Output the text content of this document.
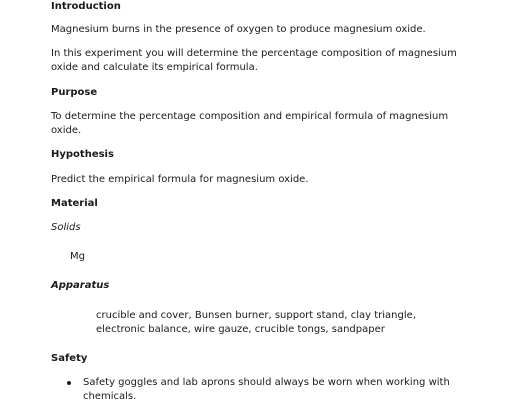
Introduction

Magnesium burns in the presence of oxygen to produce magnesium oxide.

In this experiment you will determine the percentage composition of magnesium oxide and calculate its empirical formula.

Purpose

To determine the percentage composition and empirical formula of magnesium oxide.

Hypothesis

Predict the empirical formula for magnesium oxide.

Material

Solids

Mg

Apparatus

crucible and cover, Bunsen burner, support stand, clay triangle, electronic balance, wire gauze, crucible tongs, sandpaper

Safety

Safety goggles and lab aprons should always be worn when working with chemicals.
